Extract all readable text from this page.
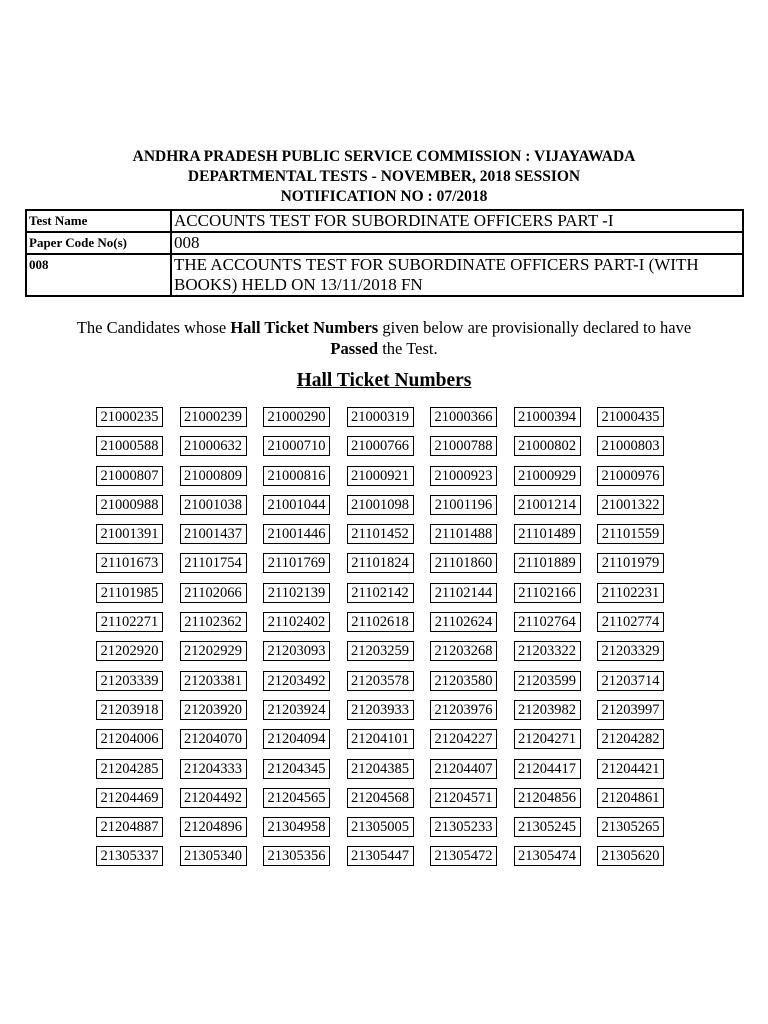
ANDHRA PRADESH PUBLIC SERVICE COMMISSION : VIJAYAWADA
DEPARTMENTAL TESTS - NOVEMBER, 2018 SESSION
NOTIFICATION NO : 07/2018
Test Name	ACCOUNTS TEST FOR SUBORDINATE OFFICERS PART -I
Paper Code No(s)	008
008	THE ACCOUNTS TEST FOR SUBORDINATE OFFICERS PART-I (WITH BOOKS) HELD ON 13/11/2018 FN
The Candidates whose Hall Ticket Numbers given below are provisionally declared to have
Passed the Test.
Hall Ticket Numbers
21000235	21000239	21000290	21000319	21000366	21000394	21000435
21000588	21000632	21000710	21000766	21000788	21000802	21000803
21000807	21000809	21000816	21000921	21000923	21000929	21000976
21000988	21001038	21001044	21001098	21001196	21001214	21001322
21001391	21001437	21001446	21101452	21101488	21101489	21101559
21101673	21101754	21101769	21101824	21101860	21101889	21101979
21101985	21102066	21102139	21102142	21102144	21102166	21102231
21102271	21102362	21102402	21102618	21102624	21102764	21102774
21202920	21202929	21203093	21203259	21203268	21203322	21203329
21203339	21203381	21203492	21203578	21203580	21203599	21203714
21203918	21203920	21203924	21203933	21203976	21203982	21203997
21204006	21204070	21204094	21204101	21204227	21204271	21204282
21204285	21204333	21204345	21204385	21204407	21204417	21204421
21204469	21204492	21204565	21204568	21204571	21204856	21204861
21204887	21204896	21304958	21305005	21305233	21305245	21305265
21305337	21305340	21305356	21305447	21305472	21305474	21305620
